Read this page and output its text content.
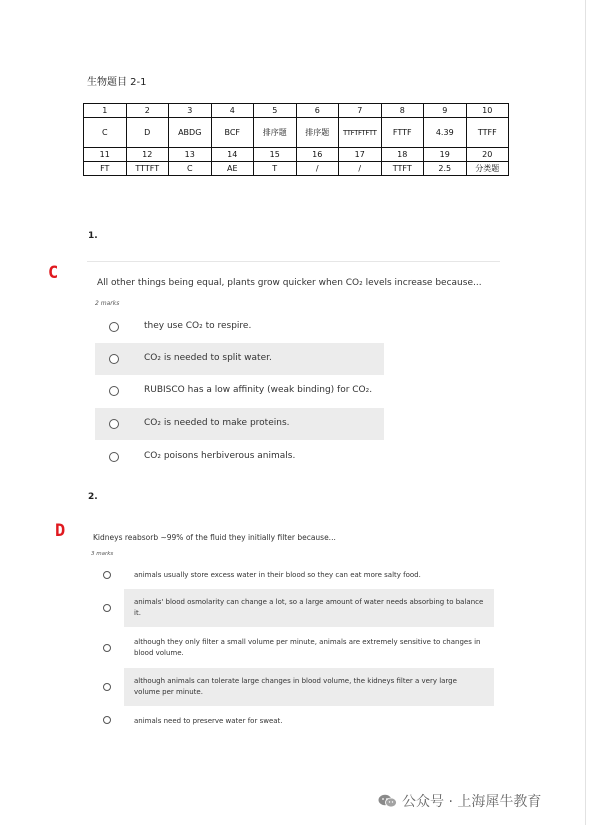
生物题目 2-1
1	2	3	4	5	6	7	8	9	10
C	D	ABDG	BCF	排序题	排序题	TTFTFTFTT	FTTF	4.39	TTFF
11	12	13	14	15	16	17	18	19	20
FT	TTTFT	C	AE	T	/	/	TTFT	2.5	分类题
1.
C	All other things being equal, plants grow quicker when CO₂ levels increase because...
2 marks
they use CO₂ to respire.
CO₂ is needed to split water.
RUBISCO has a low affinity (weak binding) for CO₂.
CO₂ is needed to make proteins.
CO₂ poisons herbiverous animals.
2.
D	Kidneys reabsorb ~99% of the fluid they initially filter because...
3 marks
animals usually store excess water in their blood so they can eat more salty food.
animals' blood osmolarity can change a lot, so a large amount of water needs absorbing to balance it.
although they only filter a small volume per minute, animals are extremely sensitive to changes in blood volume.
although animals can tolerate large changes in blood volume, the kidneys filter a very large volume per minute.
animals need to preserve water for sweat.
公众号 · 上海犀牛教育
